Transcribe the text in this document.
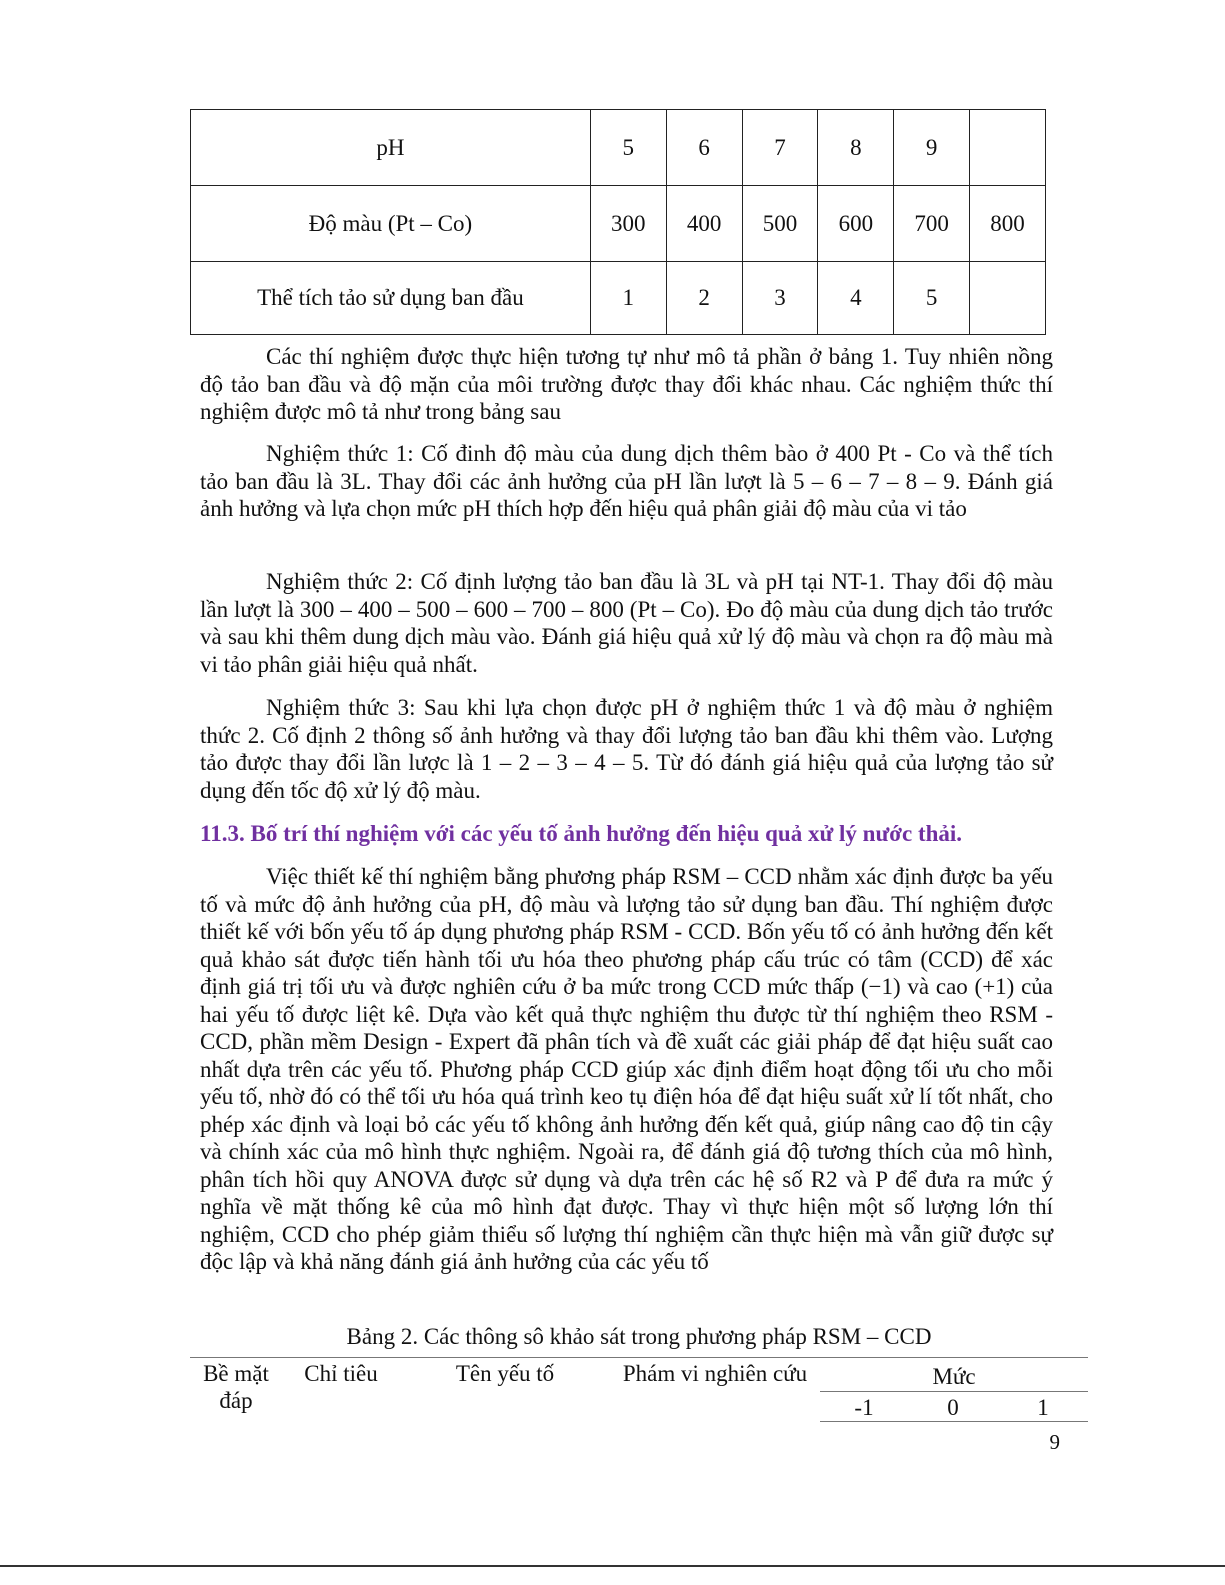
pH	5	6	7	8	9	
Độ màu (Pt – Co)	300	400	500	600	700	800
Thể tích tảo sử dụng ban đầu	1	2	3	4	5	

Các thí nghiệm được thực hiện tương tự như mô tả phần ở bảng 1. Tuy nhiên nồng độ tảo ban đầu và độ mặn của môi trường được thay đổi khác nhau. Các nghiệm thức thí nghiệm được mô tả như trong bảng sau

Nghiệm thức 1: Cố đinh độ màu của dung dịch thêm bào ở 400 Pt - Co và thể tích tảo ban đầu là 3L. Thay đổi các ảnh hưởng của pH lần lượt là 5 – 6 – 7 – 8 – 9. Đánh giá ảnh hưởng và lựa chọn mức pH thích hợp đến hiệu quả phân giải độ màu của vi tảo

Nghiệm thức 2: Cố định lượng tảo ban đầu là 3L và pH tại NT-1. Thay đổi độ màu lần lượt là 300 – 400 – 500 – 600 – 700 – 800 (Pt – Co). Đo độ màu của dung dịch tảo trước và sau khi thêm dung dịch màu vào. Đánh giá hiệu quả xử lý độ màu và chọn ra độ màu mà vi tảo phân giải hiệu quả nhất.

Nghiệm thức 3: Sau khi lựa chọn được pH ở nghiệm thức 1 và độ màu ở nghiệm thức 2. Cố định 2 thông số ảnh hưởng và thay đổi lượng tảo ban đầu khi thêm vào. Lượng tảo được thay đổi lần lược là 1 – 2 – 3 – 4 – 5. Từ đó đánh giá hiệu quả của lượng tảo sử dụng đến tốc độ xử lý độ màu.

11.3. Bố trí thí nghiệm với các yếu tố ảnh hưởng đến hiệu quả xử lý nước thải.

Việc thiết kế thí nghiệm bằng phương pháp RSM – CCD nhằm xác định được ba yếu tố và mức độ ảnh hưởng của pH, độ màu và lượng tảo sử dụng ban đầu. Thí nghiệm được thiết kế với bốn yếu tố áp dụng phương pháp RSM - CCD. Bốn yếu tố có ảnh hưởng đến kết quả khảo sát được tiến hành tối ưu hóa theo phương pháp cấu trúc có tâm (CCD) để xác định giá trị tối ưu và được nghiên cứu ở ba mức trong CCD mức thấp (−1) và cao (+1) của hai yếu tố được liệt kê. Dựa vào kết quả thực nghiệm thu được từ thí nghiệm theo RSM - CCD, phần mềm Design - Expert đã phân tích và đề xuất các giải pháp để đạt hiệu suất cao nhất dựa trên các yếu tố. Phương pháp CCD giúp xác định điểm hoạt động tối ưu cho mỗi yếu tố, nhờ đó có thể tối ưu hóa quá trình keo tụ điện hóa để đạt hiệu suất xử lí tốt nhất, cho phép xác định và loại bỏ các yếu tố không ảnh hưởng đến kết quả, giúp nâng cao độ tin cậy và chính xác của mô hình thực nghiệm. Ngoài ra, để đánh giá độ tương thích của mô hình, phân tích hồi quy ANOVA được sử dụng và dựa trên các hệ số R2 và P để đưa ra mức ý nghĩa về mặt thống kê của mô hình đạt được. Thay vì thực hiện một số lượng lớn thí nghiệm, CCD cho phép giảm thiểu số lượng thí nghiệm cần thực hiện mà vẫn giữ được sự độc lập và khả năng đánh giá ảnh hưởng của các yếu tố

Bảng 2. Các thông sô khảo sát trong phương pháp RSM – CCD

Bề mặt đáp	Chỉ tiêu	Tên yếu tố	Phám vi nghiên cứu	Mức		
				-1	0	1
9
